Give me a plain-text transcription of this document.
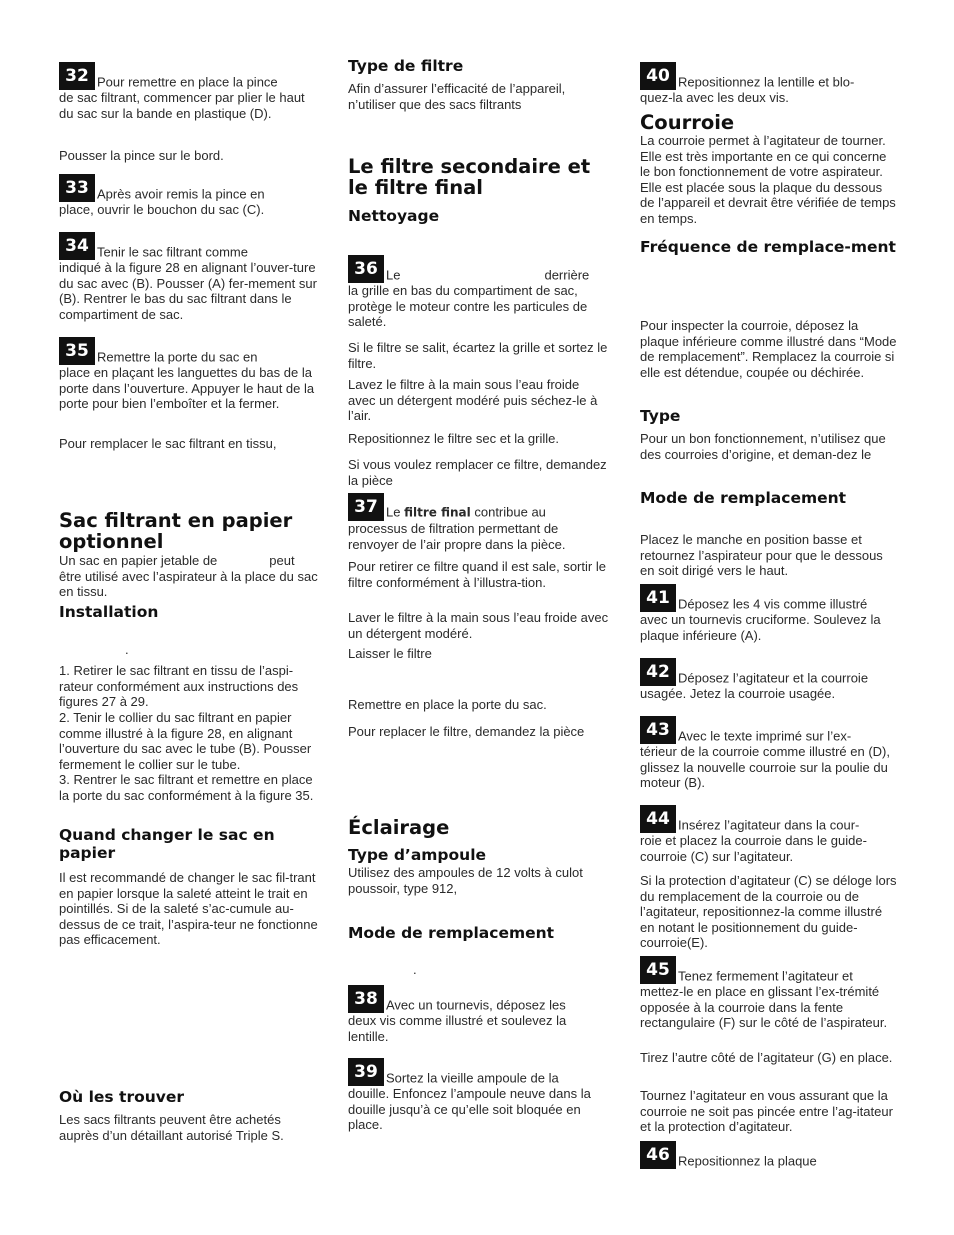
32 Pour remettre en place la pince
de sac filtrant, commencer par plier le haut du sac sur la bande en plastique (D).
Pousser la pince sur le bord.
33 Après avoir remis la pince en
place, ouvrir le bouchon du sac (C).
34 Tenir le sac filtrant comme
indiqué à la figure 28 en alignant l’ouver-ture du sac avec (B). Pousser (A) fer-mement sur (B). Rentrer le bas du sac filtrant dans le compartiment de sac.
35 Remettre la porte du sac en
place en plaçant les languettes du bas de la porte dans l’ouverture. Appuyer le haut de la porte pour bien l’emboîter et la fermer.
Pour remplacer le sac filtrant en tissu,
Sac filtrant en papier optionnel
Un sac en papier jetable de	peut
être utilisé avec l’aspirateur à la place du sac en tissu.
Installation
.
1. Retirer le sac filtrant en tissu de l’aspi-rateur conformément aux instructions des figures 27 à 29.
2. Tenir le collier du sac filtrant en papier comme illustré à la figure 28, en alignant l’ouverture du sac avec le tube (B). Pousser fermement le collier sur le tube.
3. Rentrer le sac filtrant et remettre en place la porte du sac conformément à la figure 35.
Quand changer le sac en papier
Il est recommandé de changer le sac fil-trant en papier lorsque la saleté atteint le trait en pointillés. Si de la saleté s’ac-cumule au-dessus de ce trait, l’aspira-teur ne fonctionne pas efficacement.
Où les trouver
Les sacs filtrants peuvent être achetés auprès d’un détaillant autorisé Triple S.
Type de filtre
Afin d’assurer l’efficacité de l’appareil, n’utiliser que des sacs filtrants
Le filtre secondaire et le filtre final
Nettoyage
36 Le	derrière
la grille en bas du compartiment de sac, protège le moteur contre les particules de saleté.
Si le filtre se salit, écartez la grille et sortez le filtre.
Lavez le filtre à la main sous l’eau froide avec un détergent modéré puis séchez-le à l’air.
Repositionnez le filtre sec et la grille.
Si vous voulez remplacer ce filtre, demandez la pièce
37 Le filtre final contribue au
processus de filtration permettant de renvoyer de l’air propre dans la pièce.
Pour retirer ce filtre quand il est sale, sortir le filtre conformément à l’illustra-tion.
Laver le filtre à la main sous l’eau froide avec un détergent modéré.
Laisser le filtre
Remettre en place la porte du sac.
Pour replacer le filtre, demandez la pièce
Éclairage
Type d’ampoule
Utilisez des ampoules de 12 volts à culot poussoir, type 912,
Mode de remplacement
.
38 Avec un tournevis, déposez les
deux vis comme illustré et soulevez la lentille.
39 Sortez la vieille ampoule de la
douille. Enfoncez l’ampoule neuve dans la douille jusqu’à ce qu’elle soit bloquée en place.
40 Repositionnez la lentille et blo-
quez-la avec les deux vis.
Courroie
La courroie permet à l’agitateur de tourner. Elle est très importante en ce qui concerne le bon fonctionnement de votre aspirateur. Elle est placée sous la plaque du dessous de l’appareil et devrait être vérifiée de temps en temps.
Fréquence de remplace-ment
Pour inspecter la courroie, déposez la plaque inférieure comme illustré dans “Mode de remplacement”. Remplacez la courroie si elle est détendue, coupée ou déchirée.
Type
Pour un bon fonctionnement, n’utilisez que des courroies d’origine, et deman-dez le
Mode de remplacement
Placez le manche en position basse et retournez l’aspirateur pour que le dessous en soit dirigé vers le haut.
41 Déposez les 4 vis comme illustré
avec un tournevis cruciforme. Soulevez la plaque inférieure (A).
42 Déposez l’agitateur et la courroie
usagée. Jetez la courroie usagée.
43 Avec le texte imprimé sur l’ex-
térieur de la courroie comme illustré en (D), glissez la nouvelle courroie sur la poulie du moteur (B).
44 Insérez l’agitateur dans la cour-
roie et placez la courroie dans le guide-courroie (C) sur l’agitateur.
Si la protection d’agitateur (C) se déloge lors du remplacement de la courroie ou de l’agitateur, repositionnez-la comme illustré en notant le positionnement du guide-courroie(E).
45 Tenez fermement l’agitateur et
mettez-le en place en glissant l’ex-trémité opposée à la courroie dans la fente rectangulaire (F) sur le côté de l’aspirateur.
Tirez l’autre côté de l’agitateur (G) en place.
Tournez l’agitateur en vous assurant que la courroie ne soit pas pincée entre l’ag-itateur et la protection d’agitateur.
46 Repositionnez la plaque
